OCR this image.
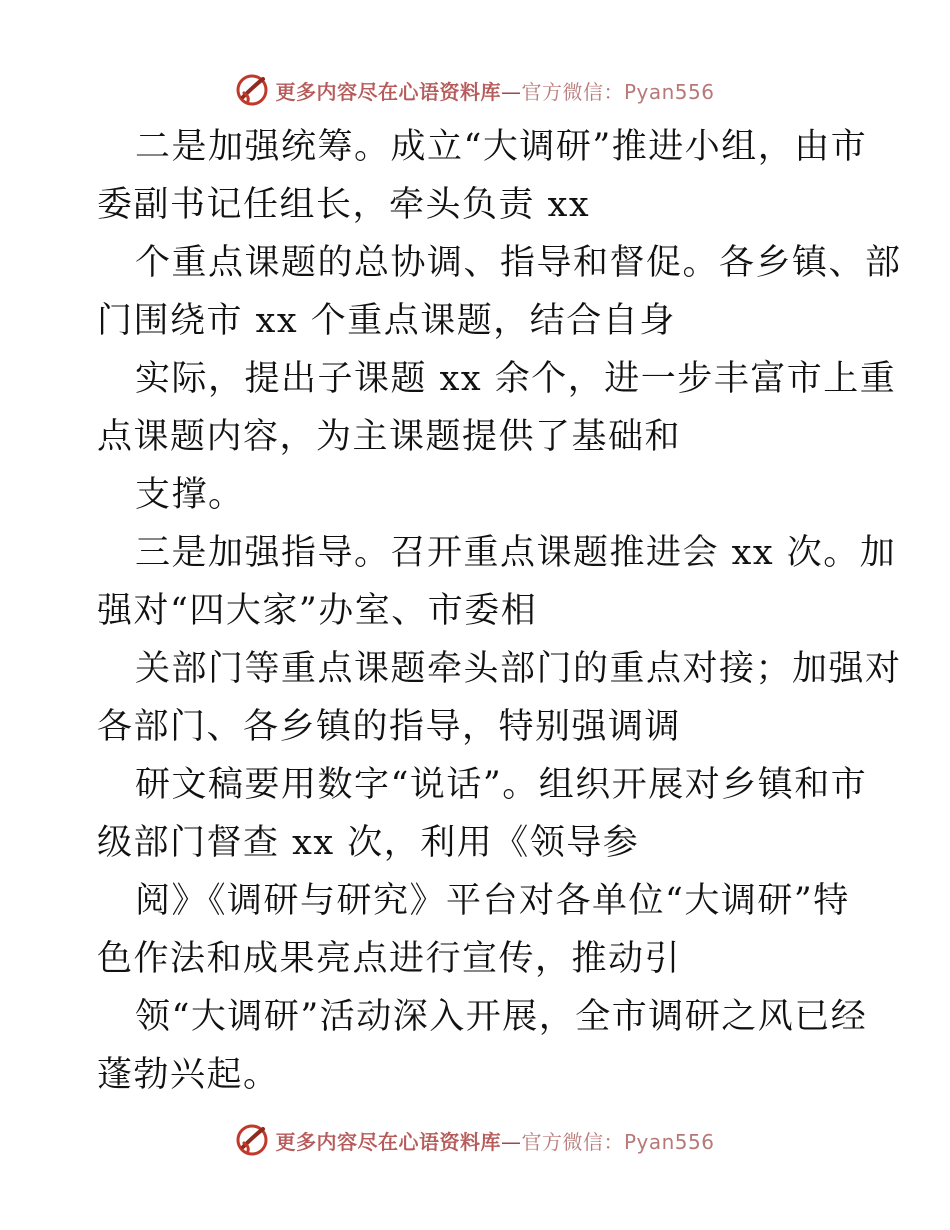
更多内容尽在心语资料库—官方微信：Pyan556
二是加强统筹。成立“大调研”推进小组，由市
委副书记任组长，牵头负责 xx
个重点课题的总协调、指导和督促。各乡镇、部
门围绕市 xx 个重点课题，结合自身
实际，提出子课题 xx 余个，进一步丰富市上重
点课题内容，为主课题提供了基础和
支撑。
三是加强指导。召开重点课题推进会 xx 次。加
强对“四大家”办室、市委相
关部门等重点课题牵头部门的重点对接；加强对
各部门、各乡镇的指导，特别强调调
研文稿要用数字“说话”。组织开展对乡镇和市
级部门督查 xx 次，利用《领导参
阅》《调研与研究》平台对各单位“大调研”特
色作法和成果亮点进行宣传，推动引
领“大调研”活动深入开展，全市调研之风已经
蓬勃兴起。
更多内容尽在心语资料库—官方微信：Pyan556
